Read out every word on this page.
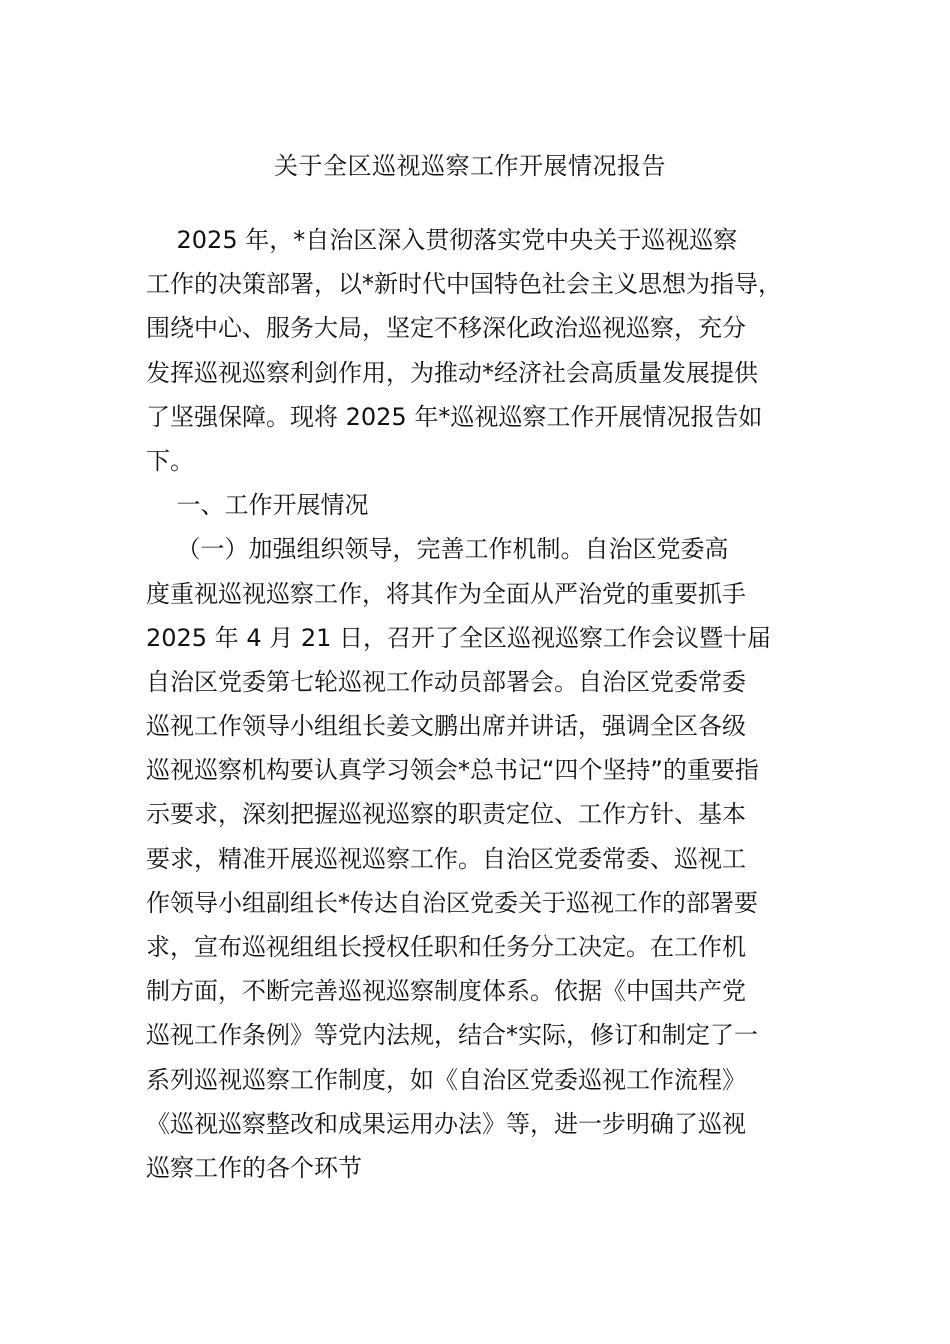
关于全区巡视巡察工作开展情况报告
2025 年，*自治区深入贯彻落实党中央关于巡视巡察
工作的决策部署，以*新时代中国特色社会主义思想为指导，
围绕中心、服务大局，坚定不移深化政治巡视巡察，充分
发挥巡视巡察利剑作用，为推动*经济社会高质量发展提供
了坚强保障。现将 2025 年*巡视巡察工作开展情况报告如
下。
一、工作开展情况
（一）加强组织领导，完善工作机制。自治区党委高
度重视巡视巡察工作，将其作为全面从严治党的重要抓手
2025 年 4 月 21 日，召开了全区巡视巡察工作会议暨十届
自治区党委第七轮巡视工作动员部署会。自治区党委常委
巡视工作领导小组组长姜文鹏出席并讲话，强调全区各级
巡视巡察机构要认真学习领会*总书记“四个坚持”的重要指
示要求，深刻把握巡视巡察的职责定位、工作方针、基本
要求，精准开展巡视巡察工作。自治区党委常委、巡视工
作领导小组副组长*传达自治区党委关于巡视工作的部署要
求，宣布巡视组组长授权任职和任务分工决定。在工作机
制方面，不断完善巡视巡察制度体系。依据《中国共产党
巡视工作条例》等党内法规，结合*实际，修订和制定了一
系列巡视巡察工作制度，如《自治区党委巡视工作流程》
《巡视巡察整改和成果运用办法》等，进一步明确了巡视
巡察工作的各个环节
